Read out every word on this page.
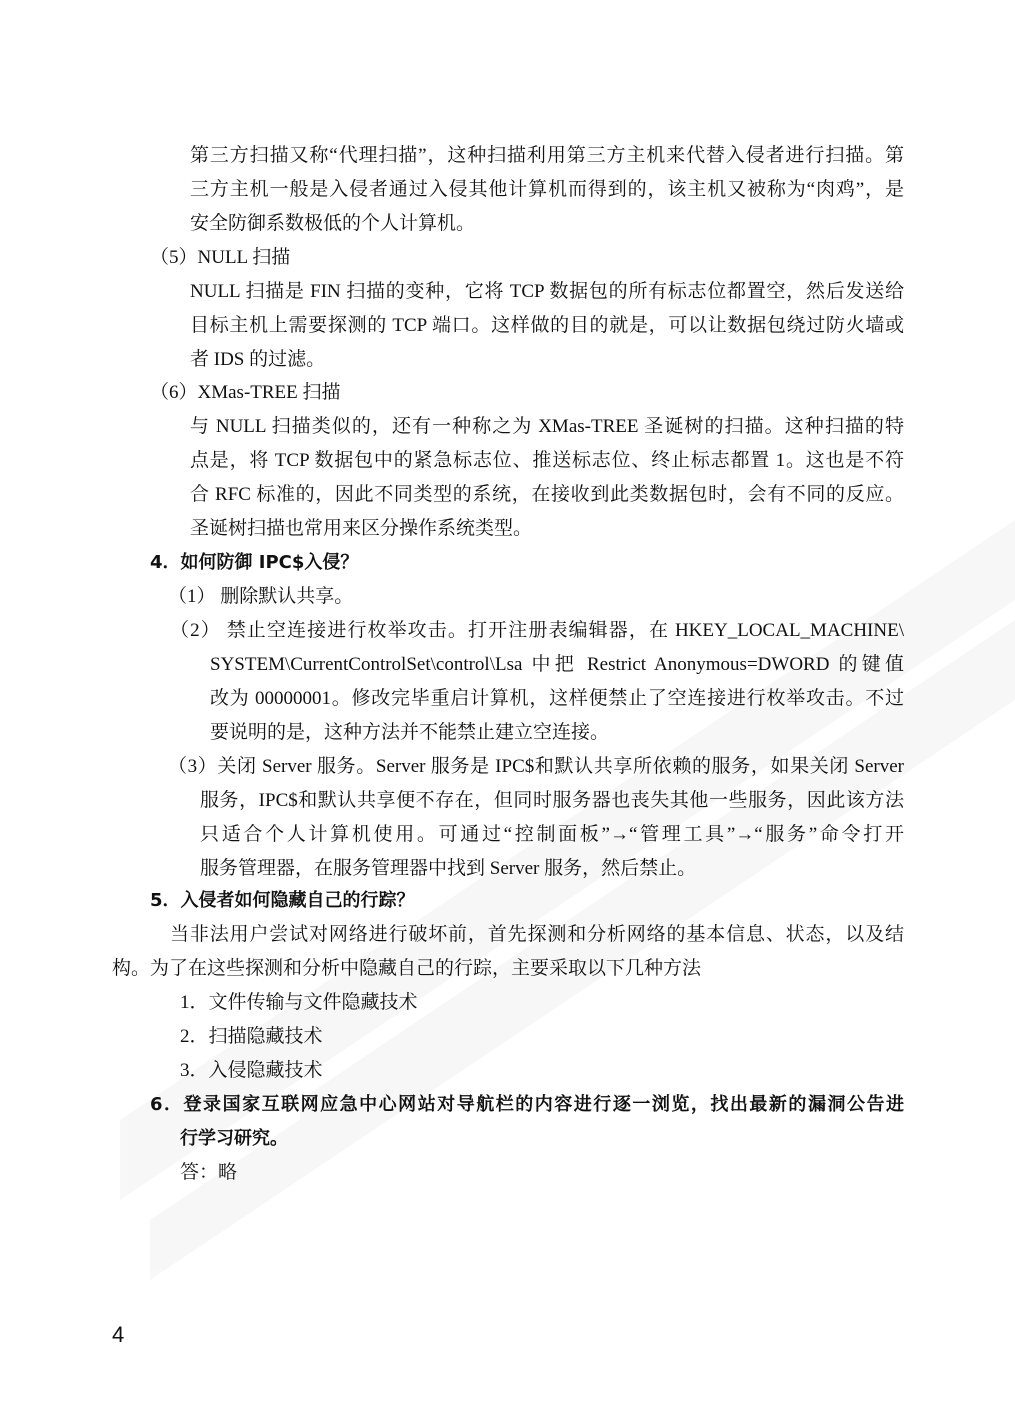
第三方扫描又称“代理扫描”，这种扫描利用第三方主机来代替入侵者进行扫描。第
三方主机一般是入侵者通过入侵其他计算机而得到的，该主机又被称为“肉鸡”，是
安全防御系数极低的个人计算机。
（5）NULL 扫描
NULL 扫描是 FIN 扫描的变种，它将 TCP 数据包的所有标志位都置空，然后发送给
目标主机上需要探测的 TCP 端口。这样做的目的就是，可以让数据包绕过防火墙或
者 IDS 的过滤。
（6）XMas-TREE 扫描
与 NULL 扫描类似的，还有一种称之为 XMas-TREE 圣诞树的扫描。这种扫描的特
点是，将 TCP 数据包中的紧急标志位、推送标志位、终止标志都置 1。这也是不符
合 RFC 标准的，因此不同类型的系统，在接收到此类数据包时，会有不同的反应。
圣诞树扫描也常用来区分操作系统类型。
4．如何防御 IPC$入侵？
（1） 删除默认共享。
（2） 禁止空连接进行枚举攻击。打开注册表编辑器，在 HKEY_LOCAL_MACHINE\
SYSTEM\CurrentControlSet\control\Lsa 中把 Restrict Anonymous=DWORD 的键值
改为 00000001。修改完毕重启计算机，这样便禁止了空连接进行枚举攻击。不过
要说明的是，这种方法并不能禁止建立空连接。
（3）关闭 Server 服务。Server 服务是 IPC$和默认共享所依赖的服务，如果关闭 Server
服务，IPC$和默认共享便不存在，但同时服务器也丧失其他一些服务，因此该方法
只适合个人计算机使用。可通过“控制面板”→“管理工具”→“服务”命令打开
服务管理器，在服务管理器中找到 Server 服务，然后禁止。
5．入侵者如何隐藏自己的行踪？
当非法用户尝试对网络进行破坏前，首先探测和分析网络的基本信息、状态，以及结
构。为了在这些探测和分析中隐藏自己的行踪，主要采取以下几种方法
1．文件传输与文件隐藏技术
2．扫描隐藏技术
3．入侵隐藏技术
6．登录国家互联网应急中心网站对导航栏的内容进行逐一浏览，找出最新的漏洞公告进
行学习研究。
答：略
4
